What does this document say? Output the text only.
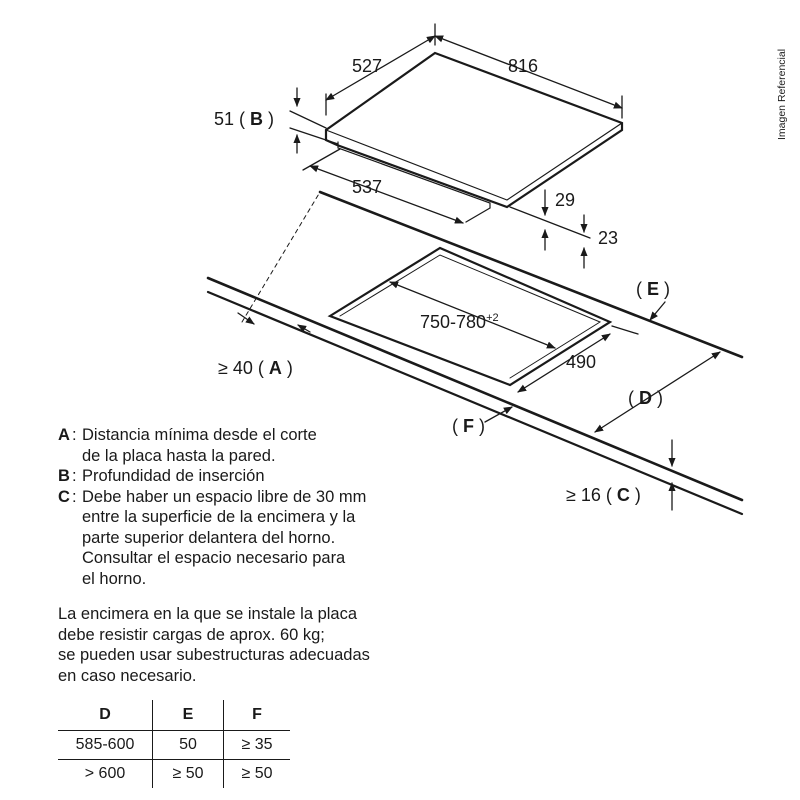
527	816
51 ( B )
537
29
23
( E )
$750-780^{+2}$
490
≥ 40 ( A )
( D )
( F )
≥ 16 ( C )
Imagen Referencial
A : Distancia mínima desde el corte
de la placa hasta la pared.
B : Profundidad de inserción
C : Debe haber un espacio libre de 30 mm
entre la superficie de la encimera y la
parte superior delantera del horno.
Consultar el espacio necesario para
el horno.
La encimera en la que se instale la placa
debe resistir cargas de aprox. 60 kg;
se pueden usar subestructuras adecuadas
en caso necesario.
D	E	F
585-600	50	≥ 35
> 600	≥ 50	≥ 50
